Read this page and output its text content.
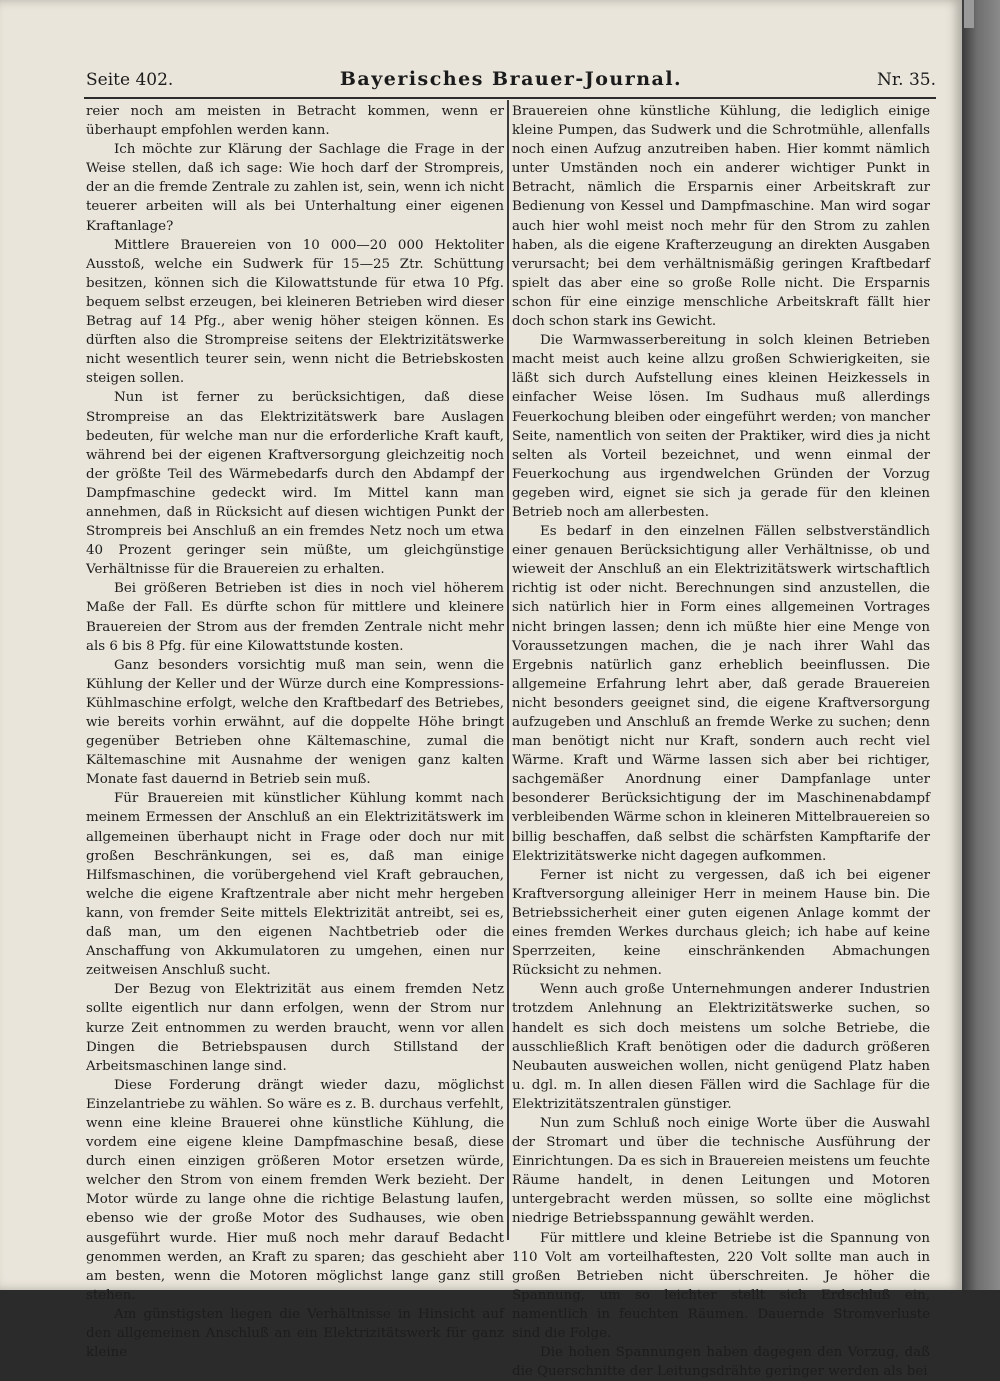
Seite 402.	Bayerisches Brauer-Journal.	Nr. 35.

reier noch am meisten in Betracht kommen, wenn er überhaupt empfohlen werden kann.

Ich möchte zur Klärung der Sachlage die Frage in der Weise stellen, daß ich sage: Wie hoch darf der Strompreis, der an die fremde Zentrale zu zahlen ist, sein, wenn ich nicht teuerer arbeiten will als bei Unterhaltung einer eigenen Kraftanlage?

Mittlere Brauereien von 10 000—20 000 Hektoliter Ausstoß, welche ein Sudwerk für 15—25 Ztr. Schüttung besitzen, können sich die Kilowattstunde für etwa 10 Pfg. bequem selbst erzeugen, bei kleineren Betrieben wird dieser Betrag auf 14 Pfg., aber wenig höher steigen können. Es dürften also die Strompreise seitens der Elektrizitätswerke nicht wesentlich teurer sein, wenn nicht die Betriebskosten steigen sollen.

Nun ist ferner zu berücksichtigen, daß diese Strompreise an das Elektrizitätswerk bare Auslagen bedeuten, für welche man nur die erforderliche Kraft kauft, während bei der eigenen Kraftversorgung gleichzeitig noch der größte Teil des Wärmebedarfs durch den Abdampf der Dampfmaschine gedeckt wird. Im Mittel kann man annehmen, daß in Rücksicht auf diesen wichtigen Punkt der Strompreis bei Anschluß an ein fremdes Netz noch um etwa 40 Prozent geringer sein müßte, um gleichgünstige Verhältnisse für die Brauereien zu erhalten.

Bei größeren Betrieben ist dies in noch viel höherem Maße der Fall. Es dürfte schon für mittlere und kleinere Brauereien der Strom aus der fremden Zentrale nicht mehr als 6 bis 8 Pfg. für eine Kilowattstunde kosten.

Ganz besonders vorsichtig muß man sein, wenn die Kühlung der Keller und der Würze durch eine Kompressions-Kühlmaschine erfolgt, welche den Kraftbedarf des Betriebes, wie bereits vorhin erwähnt, auf die doppelte Höhe bringt gegenüber Betrieben ohne Kältemaschine, zumal die Kältemaschine mit Ausnahme der wenigen ganz kalten Monate fast dauernd in Betrieb sein muß.

Für Brauereien mit künstlicher Kühlung kommt nach meinem Ermessen der Anschluß an ein Elektrizitätswerk im allgemeinen überhaupt nicht in Frage oder doch nur mit großen Beschränkungen, sei es, daß man einige Hilfsmaschinen, die vorübergehend viel Kraft gebrauchen, welche die eigene Kraftzentrale aber nicht mehr hergeben kann, von fremder Seite mittels Elektrizität antreibt, sei es, daß man, um den eigenen Nachtbetrieb oder die Anschaffung von Akkumulatoren zu umgehen, einen nur zeitweisen Anschluß sucht.

Der Bezug von Elektrizität aus einem fremden Netz sollte eigentlich nur dann erfolgen, wenn der Strom nur kurze Zeit entnommen zu werden braucht, wenn vor allen Dingen die Betriebspausen durch Stillstand der Arbeitsmaschinen lange sind.

Diese Forderung drängt wieder dazu, möglichst Einzelantriebe zu wählen. So wäre es z. B. durchaus verfehlt, wenn eine kleine Brauerei ohne künstliche Kühlung, die vordem eine eigene kleine Dampfmaschine besaß, diese durch einen einzigen größeren Motor ersetzen würde, welcher den Strom von einem fremden Werk bezieht. Der Motor würde zu lange ohne die richtige Belastung laufen, ebenso wie der große Motor des Sudhauses, wie oben ausgeführt wurde. Hier muß noch mehr darauf Bedacht genommen werden, an Kraft zu sparen; das geschieht aber am besten, wenn die Motoren möglichst lange ganz still stehen.

Am günstigsten liegen die Verhältnisse in Hinsicht auf den allgemeinen Anschluß an ein Elektrizitätswerk für ganz kleine

Brauereien ohne künstliche Kühlung, die lediglich einige kleine Pumpen, das Sudwerk und die Schrotmühle, allenfalls noch einen Aufzug anzutreiben haben. Hier kommt nämlich unter Umständen noch ein anderer wichtiger Punkt in Betracht, nämlich die Ersparnis einer Arbeitskraft zur Bedienung von Kessel und Dampfmaschine. Man wird sogar auch hier wohl meist noch mehr für den Strom zu zahlen haben, als die eigene Krafterzeugung an direkten Ausgaben verursacht; bei dem verhältnismäßig geringen Kraftbedarf spielt das aber eine so große Rolle nicht. Die Ersparnis schon für eine einzige menschliche Arbeitskraft fällt hier doch schon stark ins Gewicht.

Die Warmwasserbereitung in solch kleinen Betrieben macht meist auch keine allzu großen Schwierigkeiten, sie läßt sich durch Aufstellung eines kleinen Heizkessels in einfacher Weise lösen. Im Sudhaus muß allerdings Feuerkochung bleiben oder eingeführt werden; von mancher Seite, namentlich von seiten der Praktiker, wird dies ja nicht selten als Vorteil bezeichnet, und wenn einmal der Feuerkochung aus irgendwelchen Gründen der Vorzug gegeben wird, eignet sie sich ja gerade für den kleinen Betrieb noch am allerbesten.

Es bedarf in den einzelnen Fällen selbstverständlich einer genauen Berücksichtigung aller Verhältnisse, ob und wieweit der Anschluß an ein Elektrizitätswerk wirtschaftlich richtig ist oder nicht. Berechnungen sind anzustellen, die sich natürlich hier in Form eines allgemeinen Vortrages nicht bringen lassen; denn ich müßte hier eine Menge von Voraussetzungen machen, die je nach ihrer Wahl das Ergebnis natürlich ganz erheblich beeinflussen. Die allgemeine Erfahrung lehrt aber, daß gerade Brauereien nicht besonders geeignet sind, die eigene Kraftversorgung aufzugeben und Anschluß an fremde Werke zu suchen; denn man benötigt nicht nur Kraft, sondern auch recht viel Wärme. Kraft und Wärme lassen sich aber bei richtiger, sachgemäßer Anordnung einer Dampfanlage unter besonderer Berücksichtigung der im Maschinenabdampf verbleibenden Wärme schon in kleineren Mittelbrauereien so billig beschaffen, daß selbst die schärfsten Kampftarife der Elektrizitätswerke nicht dagegen aufkommen.

Ferner ist nicht zu vergessen, daß ich bei eigener Kraftversorgung alleiniger Herr in meinem Hause bin. Die Betriebssicherheit einer guten eigenen Anlage kommt der eines fremden Werkes durchaus gleich; ich habe auf keine Sperrzeiten, keine einschränkenden Abmachungen Rücksicht zu nehmen.

Wenn auch große Unternehmungen anderer Industrien trotzdem Anlehnung an Elektrizitätswerke suchen, so handelt es sich doch meistens um solche Betriebe, die ausschließlich Kraft benötigen oder die dadurch größeren Neubauten ausweichen wollen, nicht genügend Platz haben u. dgl. m. In allen diesen Fällen wird die Sachlage für die Elektrizitätszentralen günstiger.

Nun zum Schluß noch einige Worte über die Auswahl der Stromart und über die technische Ausführung der Einrichtungen. Da es sich in Brauereien meistens um feuchte Räume handelt, in denen Leitungen und Motoren untergebracht werden müssen, so sollte eine möglichst niedrige Betriebsspannung gewählt werden.

Für mittlere und kleine Betriebe ist die Spannung von 110 Volt am vorteilhaftesten, 220 Volt sollte man auch in großen Betrieben nicht überschreiten. Je höher die Spannung, um so leichter stellt sich Erdschluß ein, namentlich in feuchten Räumen. Dauernde Stromverluste sind die Folge.

Die hohen Spannungen haben dagegen den Vorzug, daß die Querschnitte der Leitungsdrähte geringer werden als bei
